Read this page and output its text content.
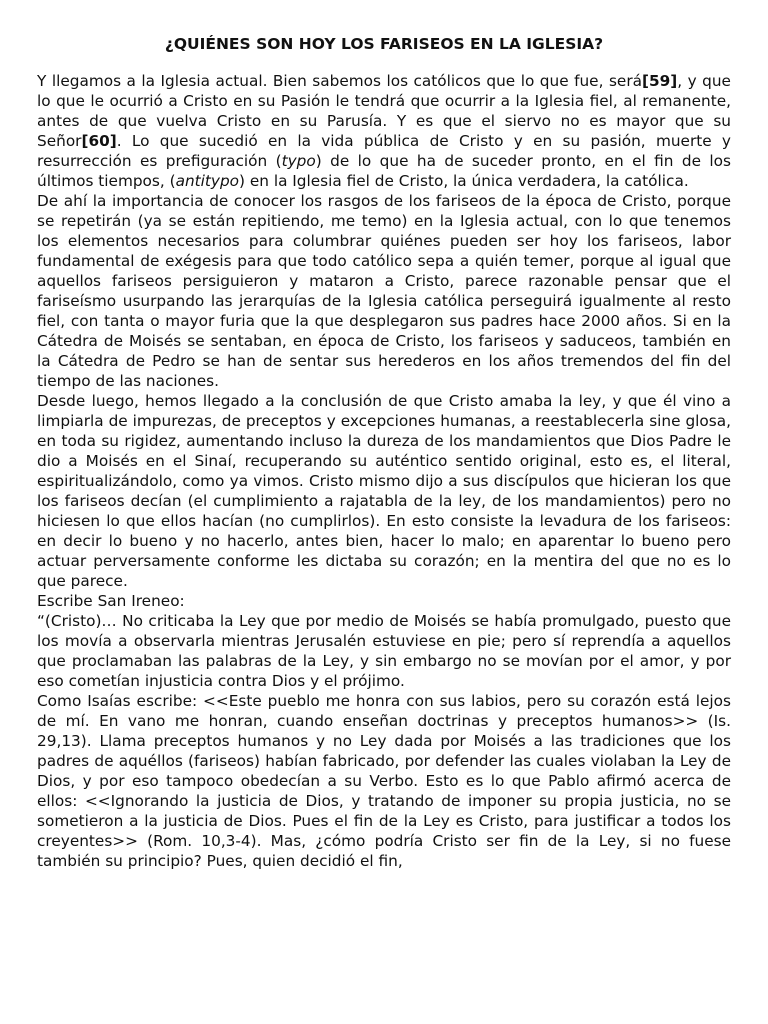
¿QUIÉNES SON HOY LOS FARISEOS EN LA IGLESIA?

Y llegamos a la Iglesia actual. Bien sabemos los católicos que lo que fue, será[59], y que lo que le ocurrió a Cristo en su Pasión le tendrá que ocurrir a la Iglesia fiel, al remanente, antes de que vuelva Cristo en su Parusía. Y es que el siervo no es mayor que su Señor[60]. Lo que sucedió en la vida pública de Cristo y en su pasión, muerte y resurrección es prefiguración (typo) de lo que ha de suceder pronto, en el fin de los últimos tiempos, (antitypo) en la Iglesia fiel de Cristo, la única verdadera, la católica.

De ahí la importancia de conocer los rasgos de los fariseos de la época de Cristo, porque se repetirán (ya se están repitiendo, me temo) en la Iglesia actual, con lo que tenemos los elementos necesarios para columbrar quiénes pueden ser hoy los fariseos, labor fundamental de exégesis para que todo católico sepa a quién temer, porque al igual que aquellos fariseos persiguieron y mataron a Cristo, parece razonable pensar que el fariseísmo usurpando las jerarquías de la Iglesia católica perseguirá igualmente al resto fiel, con tanta o mayor furia que la que desplegaron sus padres hace 2000 años. Si en la Cátedra de Moisés se sentaban, en época de Cristo, los fariseos y saduceos, también en la Cátedra de Pedro se han de sentar sus herederos en los años tremendos del fin del tiempo de las naciones.

Desde luego, hemos llegado a la conclusión de que Cristo amaba la ley, y que él vino a limpiarla de impurezas, de preceptos y excepciones humanas, a reestablecerla sine glosa, en toda su rigidez, aumentando incluso la dureza de los mandamientos que Dios Padre le dio a Moisés en el Sinaí, recuperando su auténtico sentido original, esto es, el literal, espiritualizándolo, como ya vimos. Cristo mismo dijo a sus discípulos que hicieran los que los fariseos decían (el cumplimiento a rajatabla de la ley, de los mandamientos) pero no hiciesen lo que ellos hacían (no cumplirlos). En esto consiste la levadura de los fariseos: en decir lo bueno y no hacerlo, antes bien, hacer lo malo; en aparentar lo bueno pero actuar perversamente conforme les dictaba su corazón; en la mentira del que no es lo que parece.

Escribe San Ireneo:

“(Cristo)… No criticaba la Ley que por medio de Moisés se había promulgado, puesto que los movía a observarla mientras Jerusalén estuviese en pie; pero sí reprendía a aquellos que proclamaban las palabras de la Ley, y sin embargo no se movían por el amor, y por eso cometían injusticia contra Dios y el prójimo.

Como Isaías escribe: <<Este pueblo me honra con sus labios, pero su corazón está lejos de mí. En vano me honran, cuando enseñan doctrinas y preceptos humanos>> (Is. 29,13). Llama preceptos humanos y no Ley dada por Moisés a las tradiciones que los padres de aquéllos (fariseos) habían fabricado, por defender las cuales violaban la Ley de Dios, y por eso tampoco obedecían a su Verbo. Esto es lo que Pablo afirmó acerca de ellos: <<Ignorando la justicia de Dios, y tratando de imponer su propia justicia, no se sometieron a la justicia de Dios. Pues el fin de la Ley es Cristo, para justificar a todos los creyentes>> (Rom. 10,3-4). Mas, ¿cómo podría Cristo ser fin de la Ley, si no fuese también su principio? Pues, quien decidió el fin,
